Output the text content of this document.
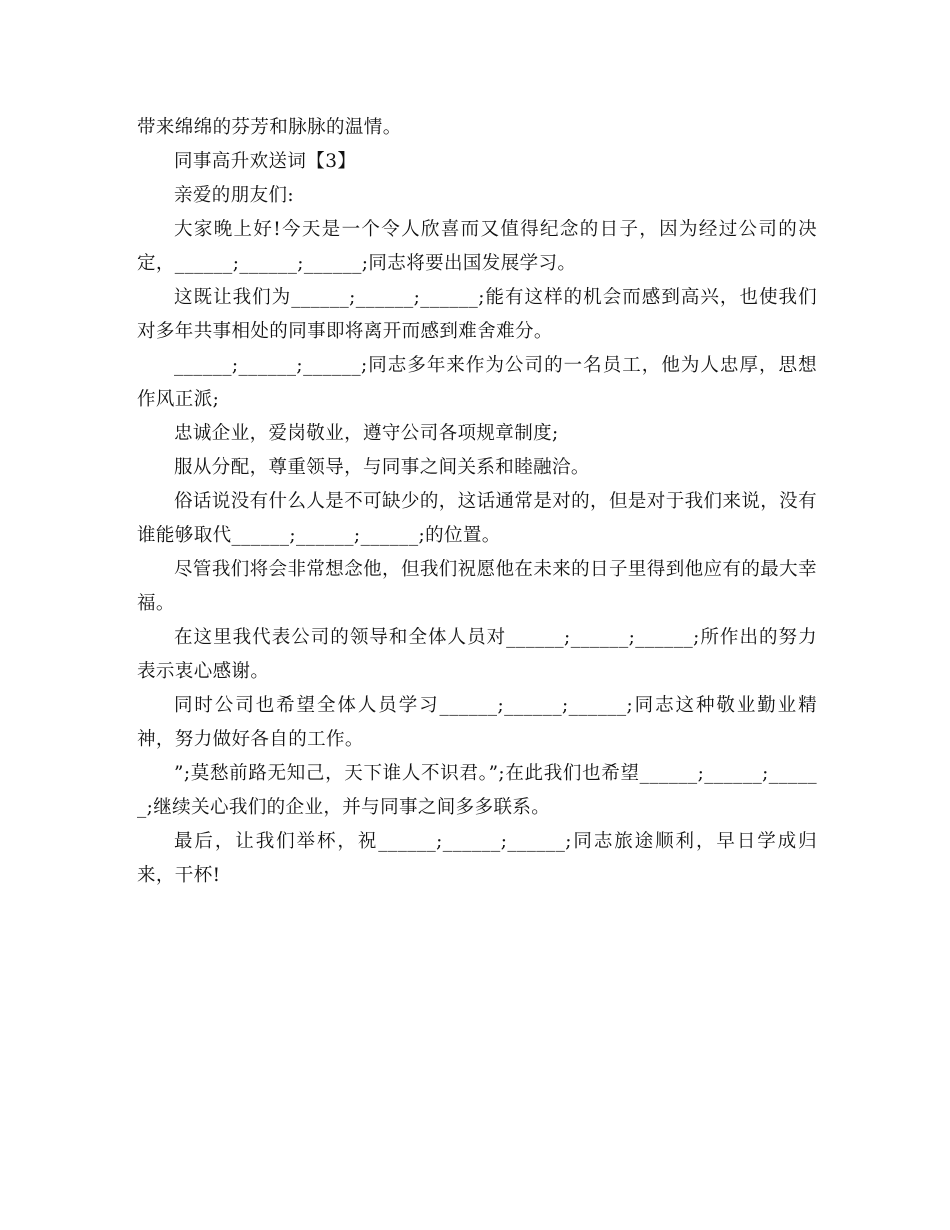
带来绵绵的芬芳和脉脉的温情。

同事高升欢送词【3】

亲爱的朋友们:

大家晚上好!今天是一个令人欣喜而又值得纪念的日子，因为经过公司的决定，______;______;______;同志将要出国发展学习。

这既让我们为______;______;______;能有这样的机会而感到高兴，也使我们对多年共事相处的同事即将离开而感到难舍难分。

______;______;______;同志多年来作为公司的一名员工，他为人忠厚，思想作风正派;

忠诚企业，爱岗敬业，遵守公司各项规章制度;

服从分配，尊重领导，与同事之间关系和睦融洽。

俗话说没有什么人是不可缺少的，这话通常是对的，但是对于我们来说，没有谁能够取代______;______;______;的位置。

尽管我们将会非常想念他，但我们祝愿他在未来的日子里得到他应有的最大幸福。

在这里我代表公司的领导和全体人员对______;______;______;所作出的努力表示衷心感谢。

同时公司也希望全体人员学习______;______;______;同志这种敬业勤业精神，努力做好各自的工作。

”;莫愁前路无知己，天下谁人不识君。”;在此我们也希望______;______;______;继续关心我们的企业，并与同事之间多多联系。

最后，让我们举杯，祝______;______;______;同志旅途顺利，早日学成归来，干杯!
